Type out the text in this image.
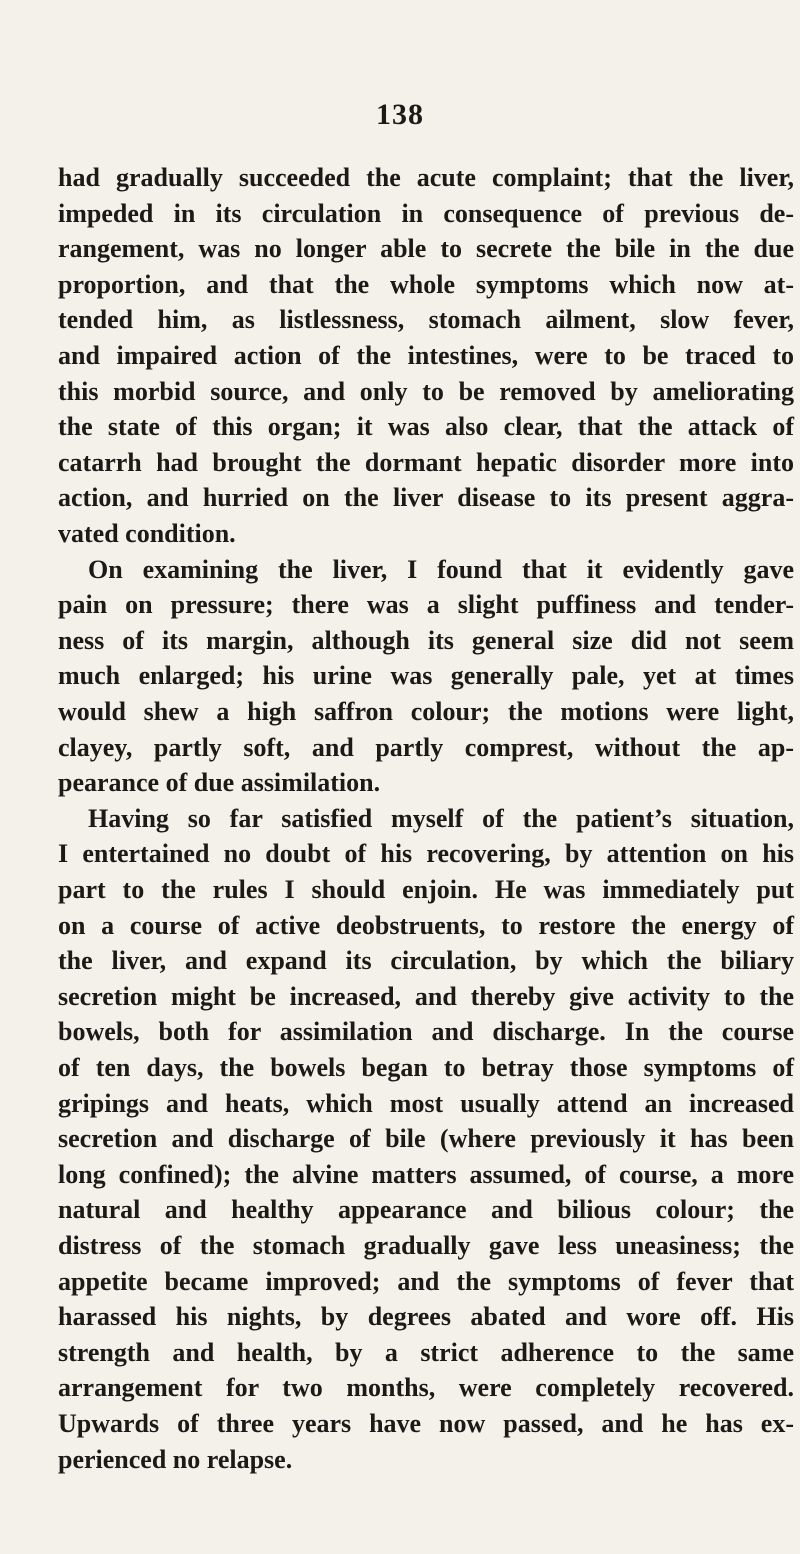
138
had gradually succeeded the acute complaint; that the liver,
impeded in its circulation in consequence of previous de-
rangement, was no longer able to secrete the bile in the due
proportion, and that the whole symptoms which now at-
tended him, as listlessness, stomach ailment, slow fever,
and impaired action of the intestines, were to be traced to
this morbid source, and only to be removed by ameliorating
the state of this organ; it was also clear, that the attack of
catarrh had brought the dormant hepatic disorder more into
action, and hurried on the liver disease to its present aggra-
vated condition.
On examining the liver, I found that it evidently gave
pain on pressure; there was a slight puffiness and tender-
ness of its margin, although its general size did not seem
much enlarged; his urine was generally pale, yet at times
would shew a high saffron colour; the motions were light,
clayey, partly soft, and partly comprest, without the ap-
pearance of due assimilation.
Having so far satisfied myself of the patient’s situation,
I entertained no doubt of his recovering, by attention on his
part to the rules I should enjoin. He was immediately put
on a course of active deobstruents, to restore the energy of
the liver, and expand its circulation, by which the biliary
secretion might be increased, and thereby give activity to the
bowels, both for assimilation and discharge. In the course
of ten days, the bowels began to betray those symptoms of
gripings and heats, which most usually attend an increased
secretion and discharge of bile (where previously it has been
long confined); the alvine matters assumed, of course, a more
natural and healthy appearance and bilious colour; the
distress of the stomach gradually gave less uneasiness; the
appetite became improved; and the symptoms of fever that
harassed his nights, by degrees abated and wore off. His
strength and health, by a strict adherence to the same
arrangement for two months, were completely recovered.
Upwards of three years have now passed, and he has ex-
perienced no relapse.
